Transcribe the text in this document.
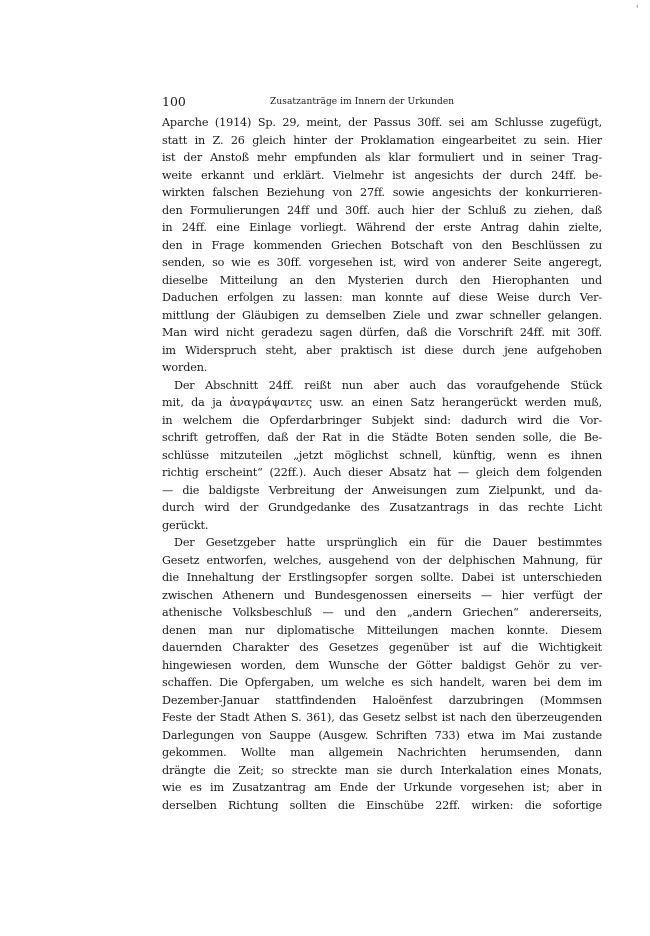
'
100	Zusatzanträge im Innern der Urkunden
Aparche (1914) Sp. 29, meint, der Passus 30ff. sei am Schlusse zugefügt,
statt in Z. 26 gleich hinter der Proklamation eingearbeitet zu sein. Hier
ist der Anstoß mehr empfunden als klar formuliert und in seiner Trag-
weite erkannt und erklärt. Vielmehr ist angesichts der durch 24ff. be-
wirkten falschen Beziehung von 27ff. sowie angesichts der konkurrieren-
den Formulierungen 24ff und 30ff. auch hier der Schluß zu ziehen, daß
in 24ff. eine Einlage vorliegt. Während der erste Antrag dahin zielte,
den in Frage kommenden Griechen Botschaft von den Beschlüssen zu
senden, so wie es 30ff. vorgesehen ist, wird von anderer Seite angeregt,
dieselbe Mitteilung an den Mysterien durch den Hierophanten und
Daduchen erfolgen zu lassen: man konnte auf diese Weise durch Ver-
mittlung der Gläubigen zu demselben Ziele und zwar schneller gelangen.
Man wird nicht geradezu sagen dürfen, daß die Vorschrift 24ff. mit 30ff.
im Widerspruch steht, aber praktisch ist diese durch jene aufgehoben
worden.
Der Abschnitt 24ff. reißt nun aber auch das voraufgehende Stück
mit, da ja ἀναγράψαντες usw. an einen Satz herangerückt werden muß,
in welchem die Opferdarbringer Subjekt sind: dadurch wird die Vor-
schrift getroffen, daß der Rat in die Städte Boten senden solle, die Be-
schlüsse mitzuteilen „jetzt möglichst schnell, künftig, wenn es ihnen
richtig erscheint“ (22ff.). Auch dieser Absatz hat — gleich dem folgenden
— die baldigste Verbreitung der Anweisungen zum Zielpunkt, und da-
durch wird der Grundgedanke des Zusatzantrags in das rechte Licht
gerückt.
Der Gesetzgeber hatte ursprünglich ein für die Dauer bestimmtes
Gesetz entworfen, welches, ausgehend von der delphischen Mahnung, für
die Innehaltung der Erstlingsopfer sorgen sollte. Dabei ist unterschieden
zwischen Athenern und Bundesgenossen einerseits — hier verfügt der
athenische Volksbeschluß — und den „andern Griechen“ andererseits,
denen man nur diplomatische Mitteilungen machen konnte. Diesem
dauernden Charakter des Gesetzes gegenüber ist auf die Wichtigkeit
hingewiesen worden, dem Wunsche der Götter baldigst Gehör zu ver-
schaffen. Die Opfergaben, um welche es sich handelt, waren bei dem im
Dezember-Januar stattfindenden Haloënfest darzubringen (Mommsen
Feste der Stadt Athen S. 361), das Gesetz selbst ist nach den überzeugenden
Darlegungen von Sauppe (Ausgew. Schriften 733) etwa im Mai zustande
gekommen. Wollte man allgemein Nachrichten herumsenden, dann
drängte die Zeit; so streckte man sie durch Interkalation eines Monats,
wie es im Zusatzantrag am Ende der Urkunde vorgesehen ist; aber in
derselben Richtung sollten die Einschübe 22ff. wirken: die sofortige
